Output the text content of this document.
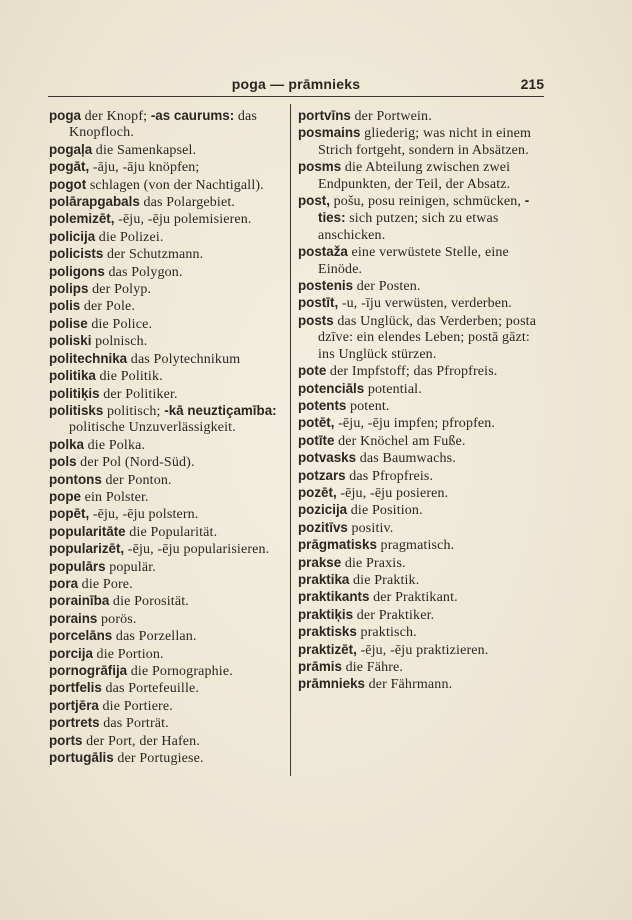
poga — prāmnieks	215

poga der Knopf; -as caurums: das Knopfloch.

pogaļa die Samenkapsel.

pogāt, -āju, -āju knöpfen;

pogot schlagen (von der Nachtigall).

polārapgabals das Polargebiet.

polemizēt, -ēju, -ēju polemisieren.

policija die Polizei.

policists der Schutzmann.

poligons das Polygon.

polips der Polyp.

polis der Pole.

polise die Police.

poliski polnisch.

politechnika das Polytechnikum

politika die Politik.

politiķis der Politiker.

politisks politisch; -kā neuztiçamība: politische Unzuverlässigkeit.

polka die Polka.

pols der Pol (Nord-Süd).

pontons der Ponton.

pope ein Polster.

popēt, -ēju, -ēju polstern.

popularitāte die Popularität.

popularizēt, -ēju, -ēju popularisieren.

populārs populär.

pora die Pore.

porainība die Porosität.

porains porös.

porcelāns das Porzellan.

porcija die Portion.

pornogrāfija die Pornographie.

portfelis das Portefeuille.

portjēra die Portiere.

portrets das Porträt.

ports der Port, der Hafen.

portugālis der Portugiese.

portvīns der Portwein.

posmains gliederig; was nicht in einem Strich fortgeht, sondern in Absätzen.

posms die Abteilung zwischen zwei Endpunkten, der Teil, der Absatz.

post, pošu, posu reinigen, schmücken, -ties: sich putzen; sich zu etwas anschicken.

postaža eine verwüstete Stelle, eine Einöde.

postenis der Posten.

postīt, -u, -īju verwüsten, verderben.

posts das Unglück, das Verderben; posta dzīve: ein elendes Leben; postā gāzt: ins Unglück stürzen.

pote der Impfstoff; das Pfropfreis.

potenciāls potential.

potents potent.

potēt, -ēju, -ēju impfen; pfropfen.

potīte der Knöchel am Fuße.

potvasks das Baumwachs.

potzars das Pfropfreis.

pozēt, -ēju, -ēju posieren.

pozicija die Position.

pozitīvs positiv.

prāgmatisks pragmatisch.

prakse die Praxis.

praktika die Praktik.

praktikants der Praktikant.

praktiķis der Praktiker.

praktisks praktisch.

praktizēt, -ēju, -ēju praktizieren.

prāmis die Fähre.

prāmnieks der Fährmann.
